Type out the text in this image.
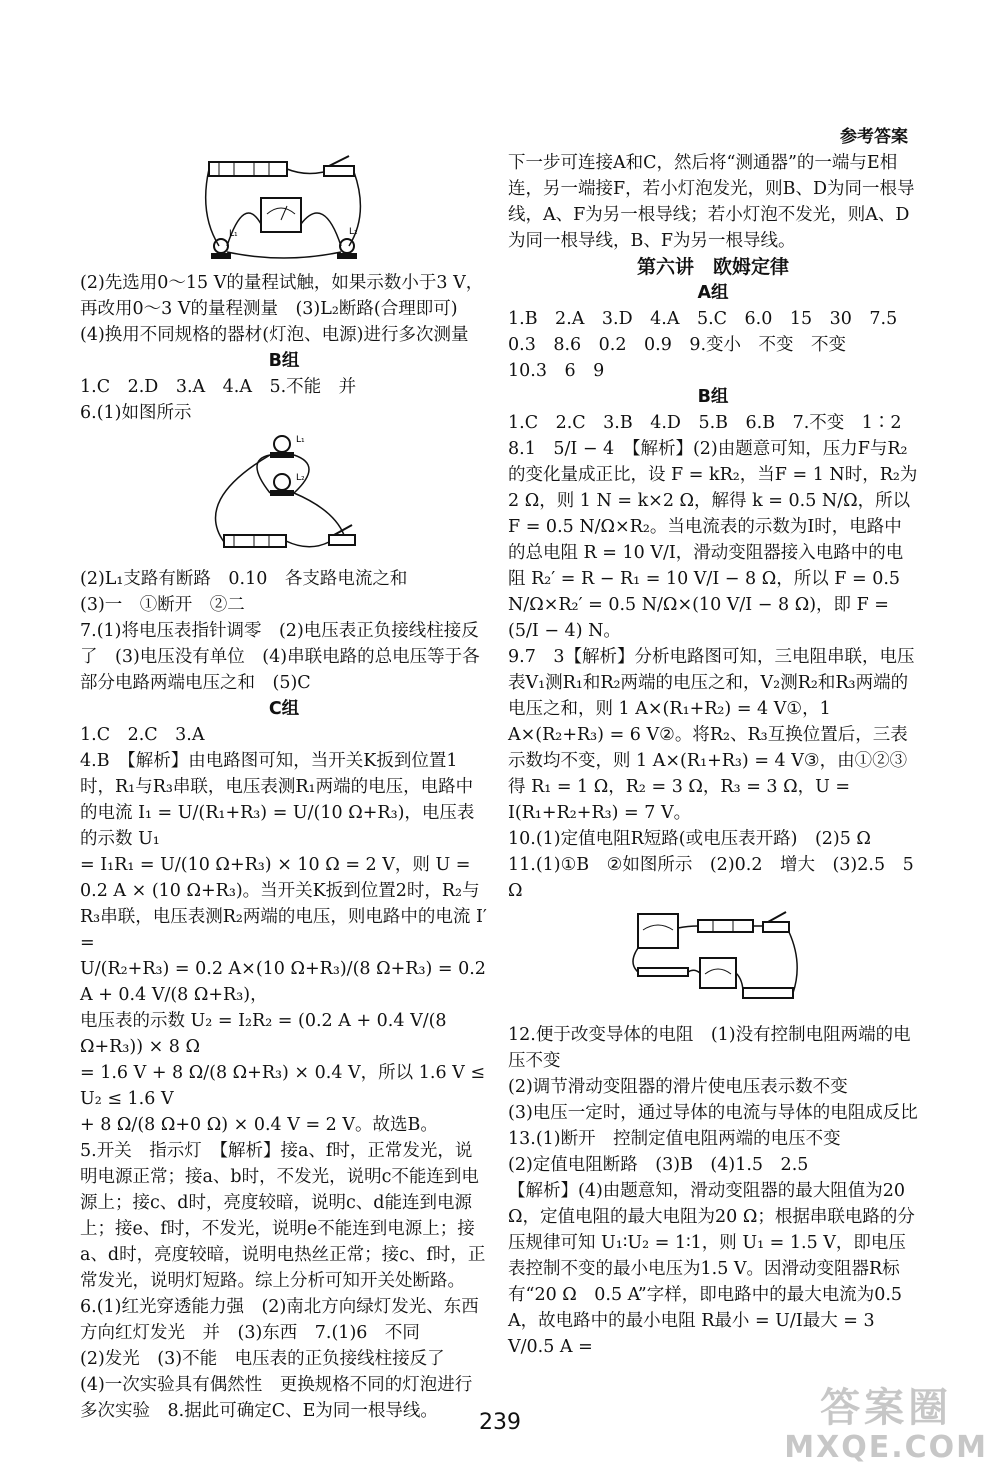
参考答案
L₁	L₂

(2)先选用0～15 V的量程试触，如果示数小于3 V，再改用0～3 V的量程测量　(3)L₂断路(合理即可)　(4)换用不同规格的器材(灯泡、电源)进行多次测量

B组

1.C　2.D　3.A　4.A　5.不能　并

6.(1)如图所示

L₁
L₂

(2)L₁支路有断路　0.10　各支路电流之和

(3)一　①断开　②二

7.(1)将电压表指针调零　(2)电压表正负接线柱接反了　(3)电压没有单位　(4)串联电路的总电压等于各部分电路两端电压之和　(5)C

C组

1.C　2.C　3.A

4.B　【解析】由电路图可知，当开关K扳到位置1时，R₁与R₃串联，电压表测R₁两端的电压，电路中的电流 I₁ = U/(R₁+R₃) = U/(10 Ω+R₃)，电压表的示数 U₁

= I₁R₁ = U/(10 Ω+R₃) × 10 Ω = 2 V，则 U = 0.2 A × (10 Ω+R₃)。当开关K扳到位置2时，R₂与R₃串联，电压表测R₂两端的电压，则电路中的电流 I′ =

U/(R₂+R₃) = 0.2 A×(10 Ω+R₃)/(8 Ω+R₃) = 0.2 A + 0.4 V/(8 Ω+R₃)，

电压表的示数 U₂ = I₂R₂ = (0.2 A + 0.4 V/(8 Ω+R₃)) × 8 Ω

= 1.6 V + 8 Ω/(8 Ω+R₃) × 0.4 V，所以 1.6 V ≤ U₂ ≤ 1.6 V

+ 8 Ω/(8 Ω+0 Ω) × 0.4 V = 2 V。故选B。

5.开关　指示灯　【解析】接a、f时，正常发光，说明电源正常；接a、b时，不发光，说明c不能连到电源上；接c、d时，亮度较暗，说明c、d能连到电源上；接e、f时，不发光，说明e不能连到电源上；接a、d时，亮度较暗，说明电热丝正常；接c、f时，正常发光，说明灯短路。综上分析可知开关处断路。

6.(1)红光穿透能力强　(2)南北方向绿灯发光、东西方向红灯发光　并　(3)东西　7.(1)6　不同

(2)发光　(3)不能　电压表的正负接线柱接反了

(4)一次实验具有偶然性　更换规格不同的灯泡进行多次实验　8.据此可确定C、E为同一根导线。

下一步可连接A和C，然后将“测通器”的一端与E相连，另一端接F，若小灯泡发光，则B、D为同一根导线，A、F为另一根导线；若小灯泡不发光，则A、D为同一根导线，B、F为另一根导线。

第六讲　欧姆定律

A组

1.B　2.A　3.D　4.A　5.C　6.0　15　30　7.5　0.3　8.6　0.2　0.9　9.变小　不变　不变

10.3　6　9

B组

1.C　2.C　3.B　4.D　5.B　6.B　7.不变　1∶2

8.1　5/I − 4　【解析】(2)由题意可知，压力F与R₂的变化量成正比，设 F = kR₂，当F = 1 N时，R₂为2 Ω，则 1 N = k×2 Ω，解得 k = 0.5 N/Ω，所以 F = 0.5 N/Ω×R₂。当电流表的示数为I时，电路中的总电阻 R = 10 V/I，滑动变阻器接入电路中的电阻 R₂′ = R − R₁ = 10 V/I − 8 Ω，所以 F = 0.5 N/Ω×R₂′ = 0.5 N/Ω×(10 V/I − 8 Ω)，即 F = (5/I − 4) N。

9.7　3【解析】分析电路图可知，三电阻串联，电压表V₁测R₁和R₂两端的电压之和，V₂测R₂和R₃两端的电压之和，则 1 A×(R₁+R₂) = 4 V①，1 A×(R₂+R₃) = 6 V②。将R₂、R₃互换位置后，三表示数均不变，则 1 A×(R₁+R₃) = 4 V③，由①②③得 R₁ = 1 Ω，R₂ = 3 Ω，R₃ = 3 Ω，U = I(R₁+R₂+R₃) = 7 V。

10.(1)定值电阻R短路(或电压表开路)　(2)5 Ω

11.(1)①B　②如图所示　(2)0.2　增大　(3)2.5　5 Ω

12.便于改变导体的电阻　(1)没有控制电阻两端的电压不变

(2)调节滑动变阻器的滑片使电压表示数不变

(3)电压一定时，通过导体的电流与导体的电阻成反比

13.(1)断开　控制定值电阻两端的电压不变

(2)定值电阻断路　(3)B　(4)1.5　2.5

【解析】(4)由题意知，滑动变阻器的最大阻值为20 Ω，定值电阻的最大电阻为20 Ω；根据串联电路的分压规律可知 U₁∶U₂ = 1∶1，则 U₁ = 1.5 V，即电压表控制不变的最小电压为1.5 V。因滑动变阻器R标有“20 Ω　0.5 A”字样，即电路中的最大电流为0.5 A，故电路中的最小电阻 R最小 = U/I最大 = 3 V/0.5 A =

239	答案圈
MXQE.COM
